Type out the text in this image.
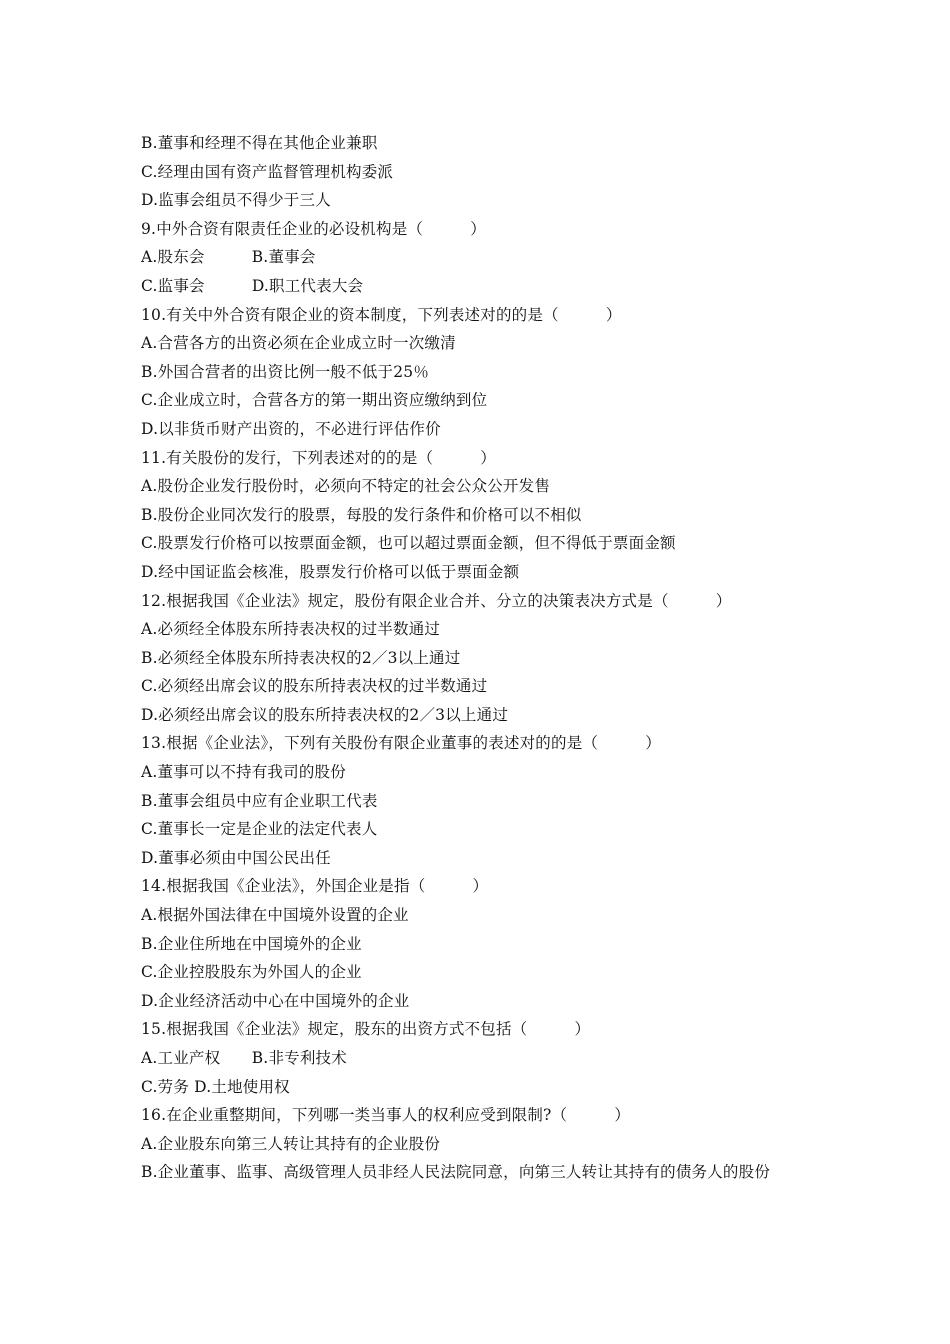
B.董事和经理不得在其他企业兼职
C.经理由国有资产监督管理机构委派
D.监事会组员不得少于三人
9.中外合资有限责任企业的必设机构是（　　　）
A.股东会　　　B.董事会
C.监事会　　　D.职工代表大会
10.有关中外合资有限企业的资本制度，下列表述对的的是（　　　）
A.合营各方的出资必须在企业成立时一次缴清
B.外国合营者的出资比例一般不低于25％
C.企业成立时，合营各方的第一期出资应缴纳到位
D.以非货币财产出资的，不必进行评估作价
11.有关股份的发行，下列表述对的的是（　　　）
A.股份企业发行股份时，必须向不特定的社会公众公开发售
B.股份企业同次发行的股票，每股的发行条件和价格可以不相似
C.股票发行价格可以按票面金额，也可以超过票面金额，但不得低于票面金额
D.经中国证监会核准，股票发行价格可以低于票面金额
12.根据我国《企业法》规定，股份有限企业合并、分立的决策表决方式是（　　　）
A.必须经全体股东所持表决权的过半数通过
B.必须经全体股东所持表决权的2／3以上通过
C.必须经出席会议的股东所持表决权的过半数通过
D.必须经出席会议的股东所持表决权的2／3以上通过
13.根据《企业法》，下列有关股份有限企业董事的表述对的的是（　　　）
A.董事可以不持有我司的股份
B.董事会组员中应有企业职工代表
C.董事长一定是企业的法定代表人
D.董事必须由中国公民出任
14.根据我国《企业法》，外国企业是指（　　　）
A.根据外国法律在中国境外设置的企业
B.企业住所地在中国境外的企业
C.企业控股股东为外国人的企业
D.企业经济活动中心在中国境外的企业
15.根据我国《企业法》规定，股东的出资方式不包括（　　　）
A.工业产权　　B.非专利技术
C.劳务 D.土地使用权
16.在企业重整期间，下列哪一类当事人的权利应受到限制?（　　　）
A.企业股东向第三人转让其持有的企业股份
B.企业董事、监事、高级管理人员非经人民法院同意，向第三人转让其持有的债务人的股份
